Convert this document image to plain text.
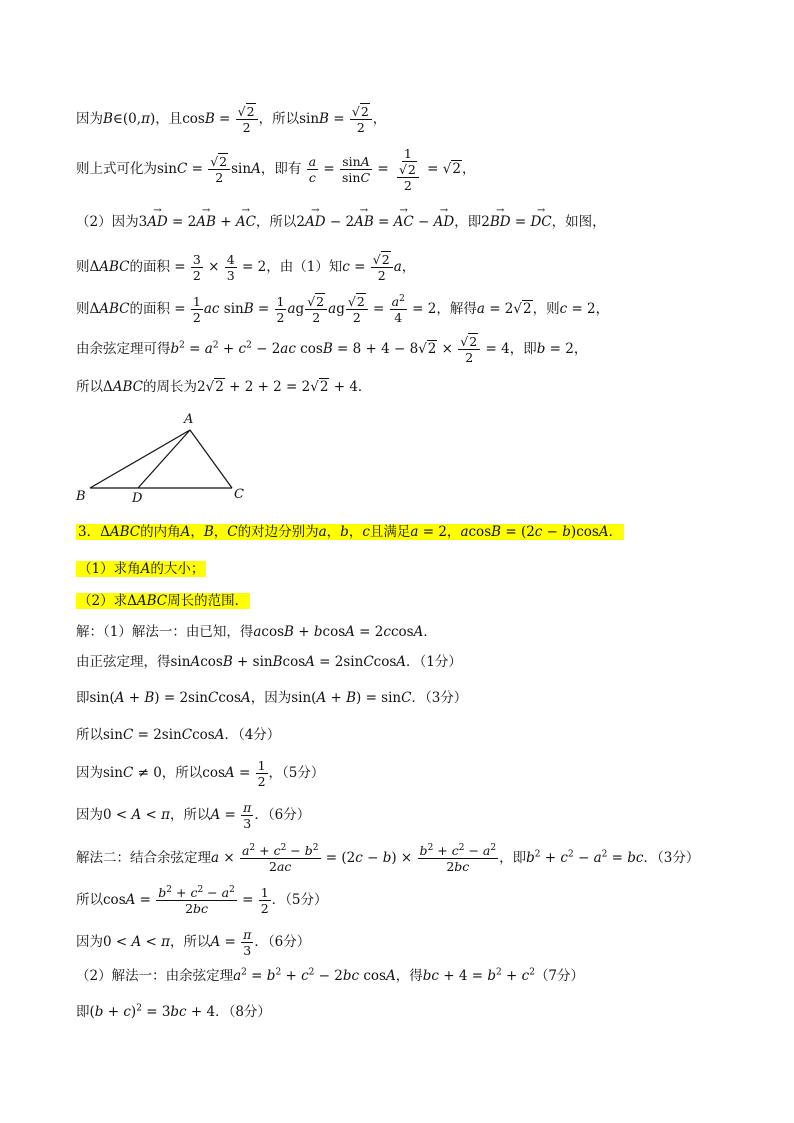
因为B∈(0,π)，且$\cos B = \frac{√2}{2}$ ，所以$\sin B = \frac{√2}{2}$ ，
则上式可化为$\sin C = \frac{√2}{2}$ sinA，即有 $\frac{a}{c} = \frac{\sin A}{\sin C} = \frac{1}{\frac{√2}{2}} = √2$，
（2）因为3→ AD = 2→ AB + → AC，所以2→ AD − 2→ AB = → AC − → AD，即2→ BD = → DC，如图，
则ΔABC的面积 = $\frac{3}{2} \times \frac{4}{3} = 2$，由（1）知$c = \frac{√2}{2}$ a，
则ΔABC的面积 = $\frac{1}{2}$ ac $\sin B = \frac{1}{2}$ ag $\frac{√2}{2}$ ag $\frac{√2}{2} = \frac{a^2}{4} = 2$，解得a = 2√2，则c = 2，
由余弦定理可得$b^2 = a^2 + c^2 - 2ac$ $\cos B = 8 + 4 - 8√2 \times \frac{√2}{2} = 4$，即b = 2，
所以ΔABC的周长为2√2 + 2 + 2 = 2√2 + 4．
A
B	D	C
3．ΔABC的内角A，B，C的对边分别为a，b，c且满足a = 2，acosB = (2c − b)cosA．
（1）求角A的大小；
（2）求ΔABC周长的范围．
解：（1）解法一：由已知，得acosB + bcosA = 2ccosA．
由正弦定理，得sinAcosB + sinBcosA = 2sinCcosA．（1分）
即sin(A + B) = 2sinCcosA，因为sin(A + B) = sinC．（3分）
所以sinC = 2sinCcosA．（4分）
因为sinC ≠ 0，所以$\cos A = \frac{1}{2}$ ，（5分）
因为0 < A < π，所以$A = \frac{\pi}{3}$ ．（6分）
解法二：结合余弦定理$a \times \frac{a^2 + c^2 - b^2}{2ac} = (2c - b) \times \frac{b^2 + c^2 - a^2}{2bc}$ ，即$b^2 + c^2 - a^2$ = bc．（3分）
所以$\cos A = \frac{b^2 + c^2 - a^2}{2bc} = \frac{1}{2}$ ．（5分）
因为0 < A < π，所以$A = \frac{\pi}{3}$ ．（6分）
（2）解法一：由余弦定理$a^2 = b^2 + c^2 - 2bc$ cosA，得bc + $4 = b^2 + c^2(7$分）
即$(b + c)^2 = 3bc + 4$．（8分）
